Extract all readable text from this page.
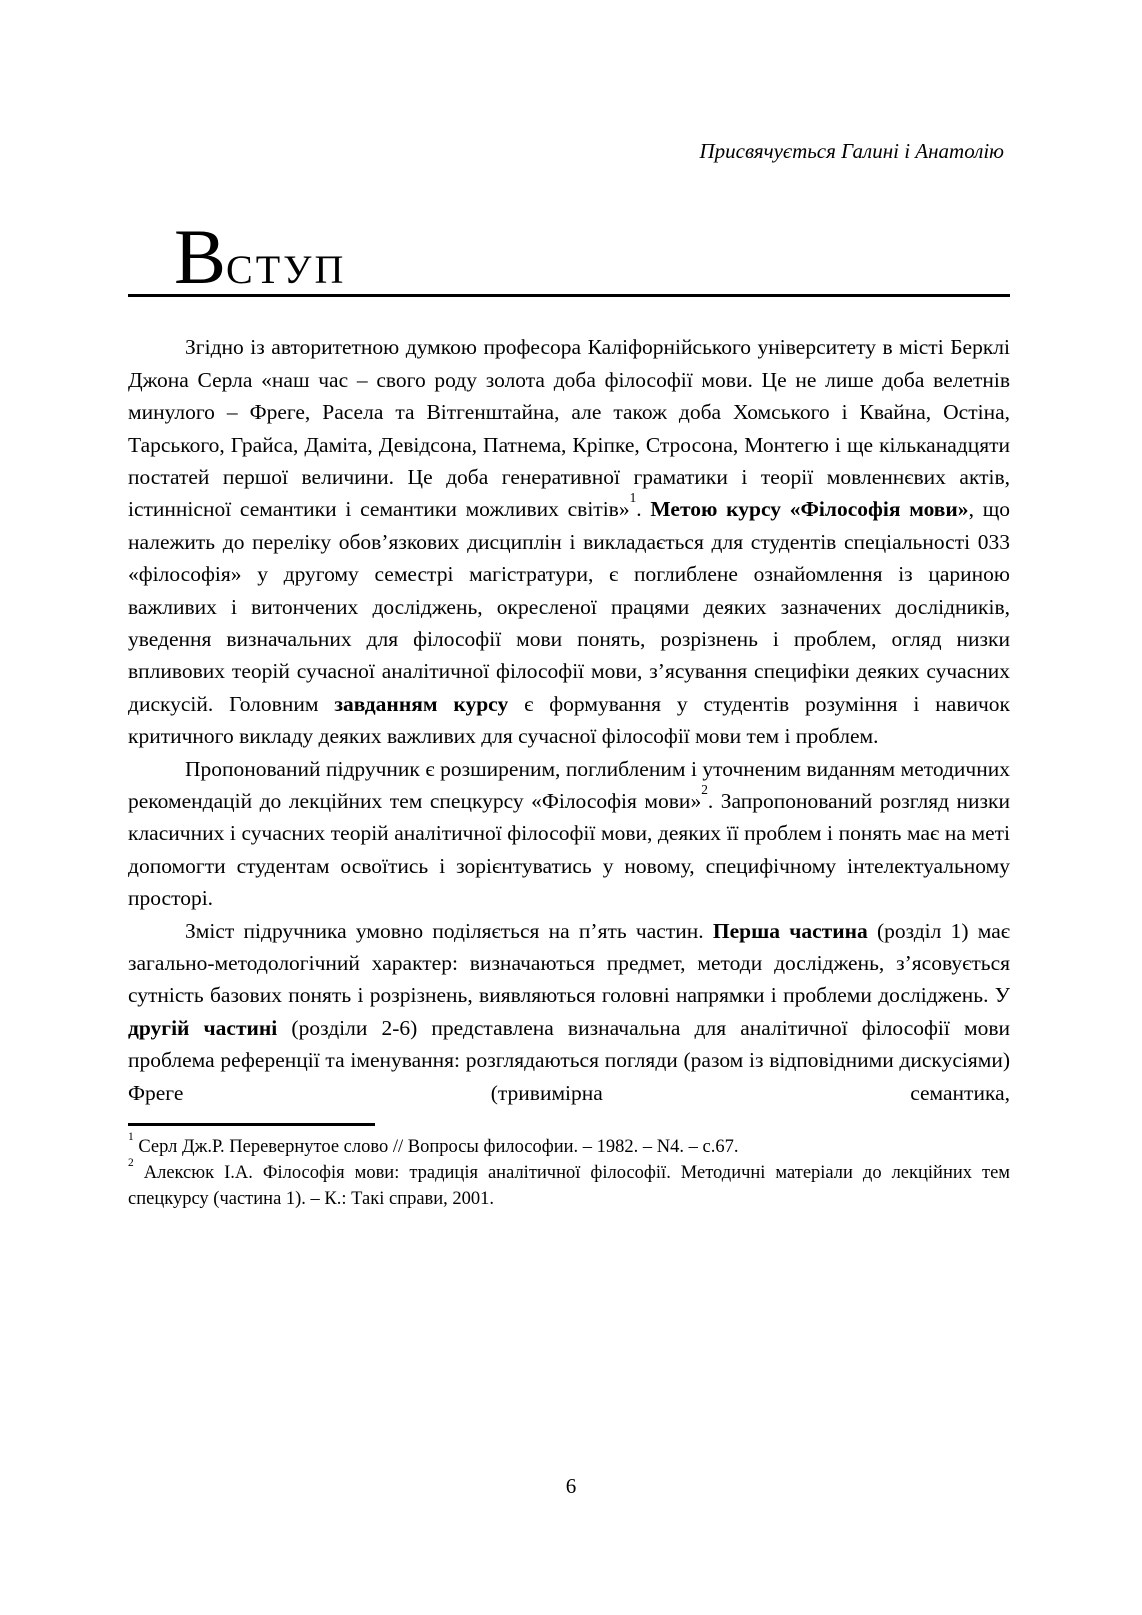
Присвячується Галині і Анатолію
ВСТУП

Згідно із авторитетною думкою професора Каліфорнійського університету в місті Берклі Джона Серла «наш час – свого роду золота доба філософії мови. Це не лише доба велетнів минулого – Фреге, Расела та Вітгенштайна, але також доба Хомського і Квайна, Остіна, Тарського, Грайса, Даміта, Девідсона, Патнема, Кріпке, Стросона, Монтегю і ще кільканадцяти постатей першої величини. Це доба генеративної граматики і теорії мовленнєвих актів, істиннісної семантики і семантики можливих світів»$^1$. Метою курсу «Філософія мови», що належить до переліку обов’язкових дисциплін і викладається для студентів спеціальності 033 «філософія» у другому семестрі магістратури, є поглиблене ознайомлення із цариною важливих і витончених досліджень, окресленої працями деяких зазначених дослідників, уведення визначальних для філософії мови понять, розрізнень і проблем, огляд низки впливових теорій сучасної аналітичної філософії мови, з’ясування специфіки деяких сучасних дискусій. Головним завданням курсу є формування у студентів розуміння і навичок критичного викладу деяких важливих для сучасної філософії мови тем і проблем.

Пропонований підручник є розширеним, поглибленим і уточненим виданням методичних рекомендацій до лекційних тем спецкурсу «Філософія мови»$^2$. Запропонований розгляд низки класичних і сучасних теорій аналітичної філософії мови, деяких її проблем і понять має на меті допомогти студентам освоїтись і зорієнтуватись у новому, специфічному інтелектуальному просторі.

Зміст підручника умовно поділяється на п’ять частин. Перша частина (розділ 1) має загально-методологічний характер: визначаються предмет, методи досліджень, з’ясовується сутність базових понять і розрізнень, виявляються головні напрямки і проблеми досліджень. У другій частині (розділи 2-6) представлена визначальна для аналітичної філософії мови проблема референції та іменування: розглядаються погляди (разом із відповідними дискусіями) Фреге (тривимірна семантика,

$^1$ Серл Дж.Р. Перевернутое слово // Вопросы философии. – 1982. – N4. – с.67.

$^2$ Алексюк І.А. Філософія мови: традиція аналітичної філософії. Методичні матеріали до лекційних тем спецкурсу (частина 1). – К.: Такі справи, 2001.

6
